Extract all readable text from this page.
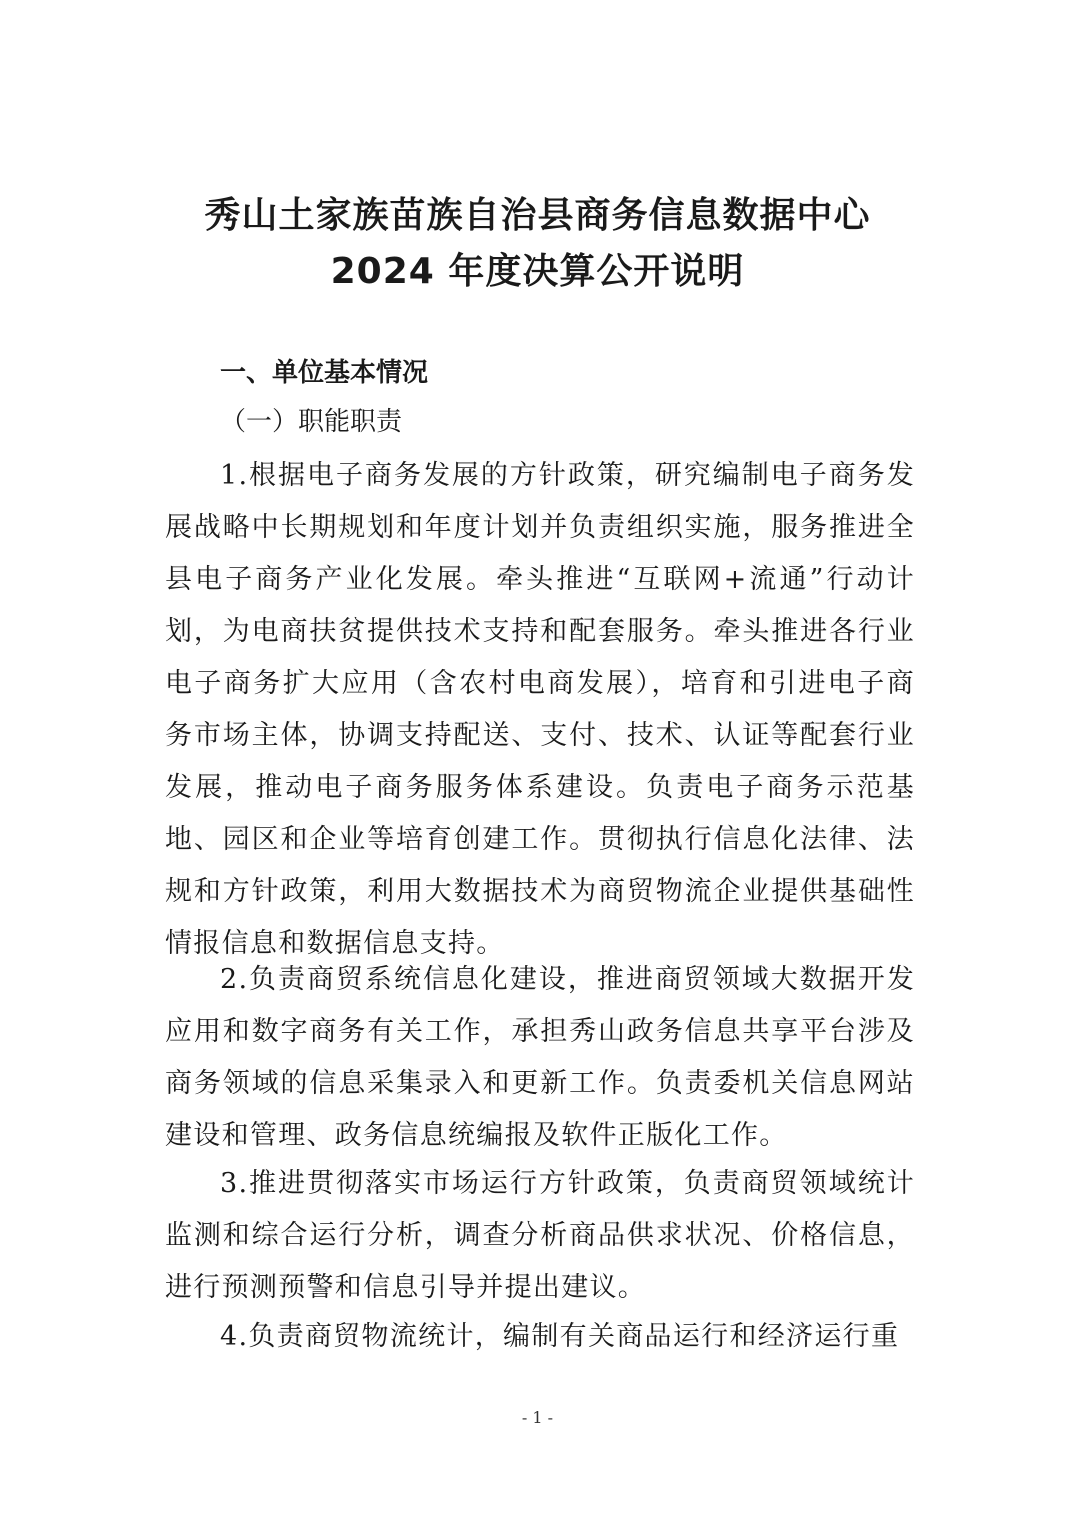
秀山土家族苗族自治县商务信息数据中心
2024 年度决算公开说明
一、单位基本情况
（一）职能职责

1.根据电子商务发展的方针政策，研究编制电子商务发展战略中长期规划和年度计划并负责组织实施，服务推进全县电子商务产业化发展。牵头推进“互联网+流通”行动计划，为电商扶贫提供技术支持和配套服务。牵头推进各行业电子商务扩大应用（含农村电商发展），培育和引进电子商务市场主体，协调支持配送、支付、技术、认证等配套行业发展，推动电子商务服务体系建设。负责电子商务示范基地、园区和企业等培育创建工作。贯彻执行信息化法律、法规和方针政策，利用大数据技术为商贸物流企业提供基础性情报信息和数据信息支持。

2.负责商贸系统信息化建设，推进商贸领域大数据开发应用和数字商务有关工作，承担秀山政务信息共享平台涉及商务领域的信息采集录入和更新工作。负责委机关信息网站建设和管理、政务信息统编报及软件正版化工作。

3.推进贯彻落实市场运行方针政策，负责商贸领域统计监测和综合运行分析，调查分析商品供求状况、价格信息，进行预测预警和信息引导并提出建议。

4.负责商贸物流统计，编制有关商品运行和经济运行重

- 1 -
